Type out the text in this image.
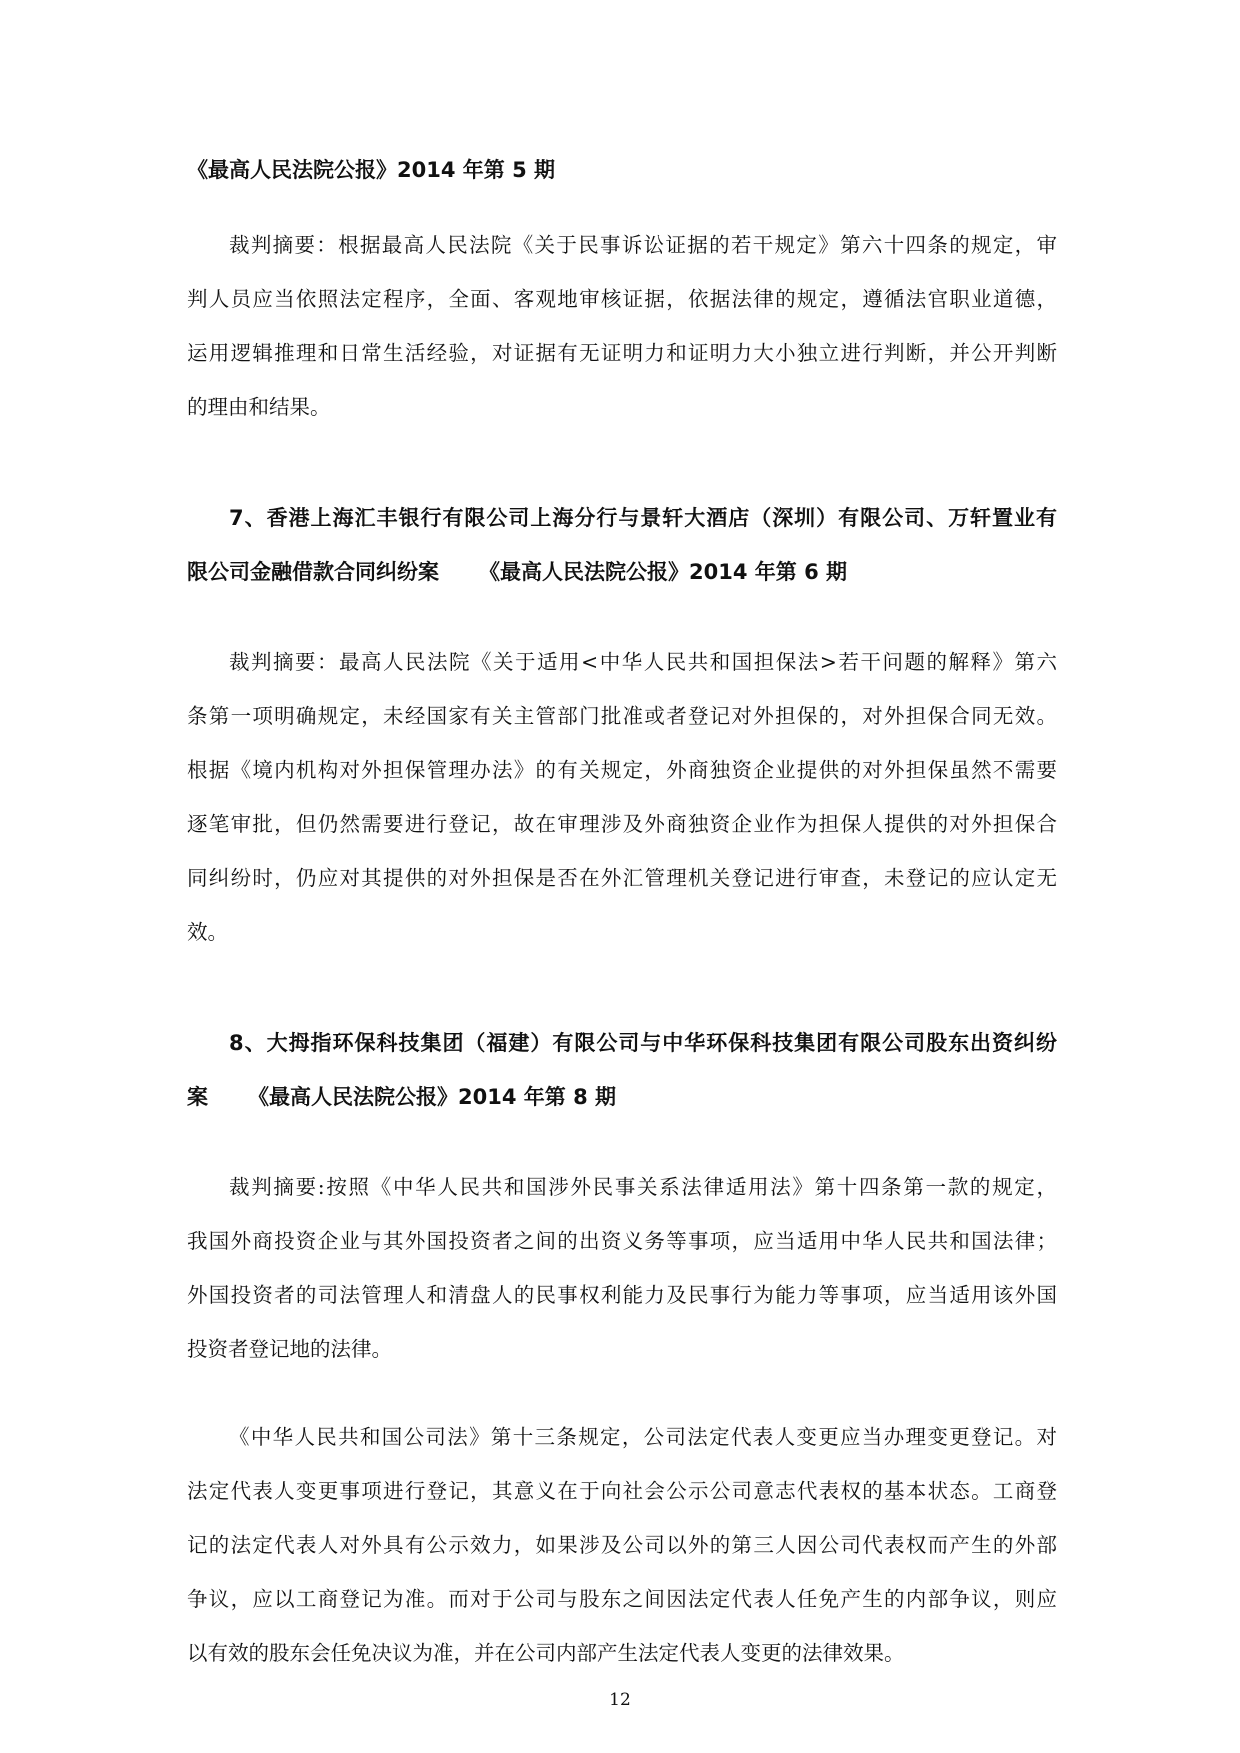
《最高人民法院公报》2014 年第 5 期

裁判摘要：根据最高人民法院《关于民事诉讼证据的若干规定》第六十四条的规定，审

判人员应当依照法定程序，全面、客观地审核证据，依据法律的规定，遵循法官职业道德，

运用逻辑推理和日常生活经验，对证据有无证明力和证明力大小独立进行判断，并公开判断

的理由和结果。

7、香港上海汇丰银行有限公司上海分行与景轩大酒店（深圳）有限公司、万轩置业有

限公司金融借款合同纠纷案 《最高人民法院公报》2014 年第 6 期

裁判摘要：最高人民法院《关于适用<中华人民共和国担保法>若干问题的解释》第六

条第一项明确规定，未经国家有关主管部门批准或者登记对外担保的，对外担保合同无效。

根据《境内机构对外担保管理办法》的有关规定，外商独资企业提供的对外担保虽然不需要

逐笔审批，但仍然需要进行登记，故在审理涉及外商独资企业作为担保人提供的对外担保合

同纠纷时，仍应对其提供的对外担保是否在外汇管理机关登记进行审查，未登记的应认定无

效。

8、大拇指环保科技集团（福建）有限公司与中华环保科技集团有限公司股东出资纠纷

案 《最高人民法院公报》2014 年第 8 期

裁判摘要:按照《中华人民共和国涉外民事关系法律适用法》第十四条第一款的规定，

我国外商投资企业与其外国投资者之间的出资义务等事项，应当适用中华人民共和国法律；

外国投资者的司法管理人和清盘人的民事权利能力及民事行为能力等事项，应当适用该外国

投资者登记地的法律。

《中华人民共和国公司法》第十三条规定，公司法定代表人变更应当办理变更登记。对

法定代表人变更事项进行登记，其意义在于向社会公示公司意志代表权的基本状态。工商登

记的法定代表人对外具有公示效力，如果涉及公司以外的第三人因公司代表权而产生的外部

争议，应以工商登记为准。而对于公司与股东之间因法定代表人任免产生的内部争议，则应

以有效的股东会任免决议为准，并在公司内部产生法定代表人变更的法律效果。

12
